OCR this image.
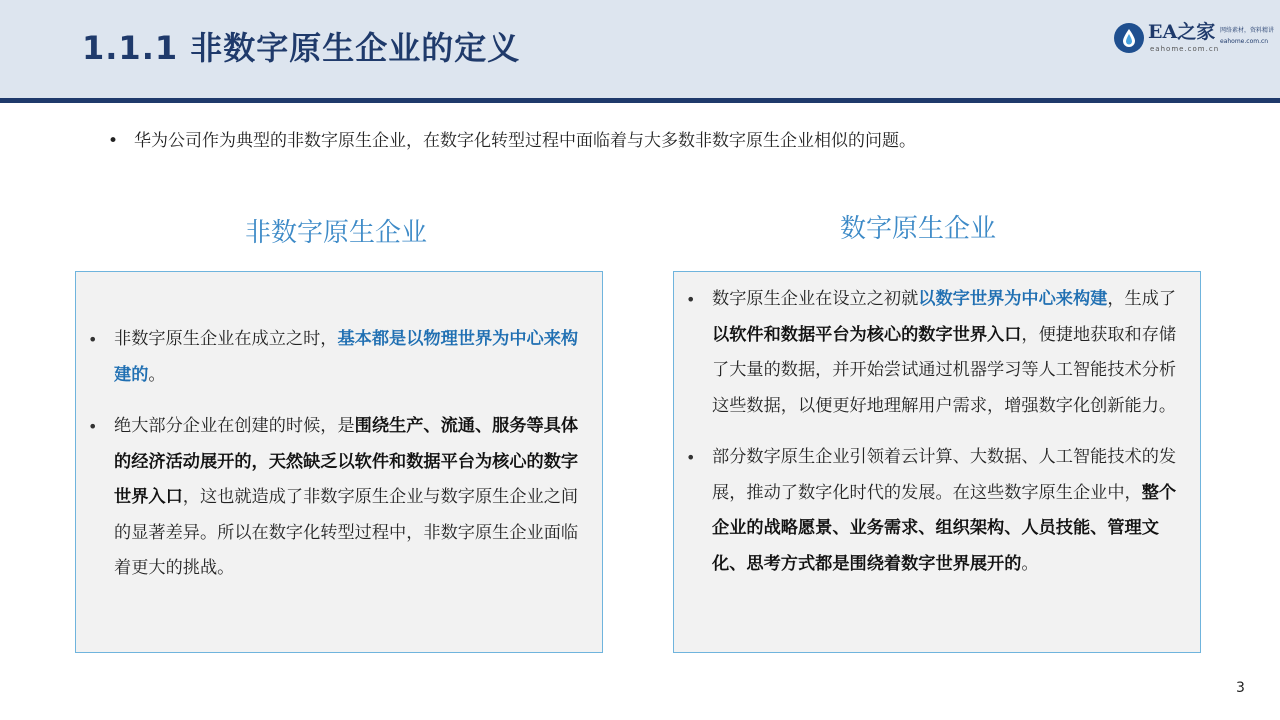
1.1.1 非数字原生企业的定义	EA之家 网络素材，资料精讲
eahome.com.cn
eahome.com.cn
• 华为公司作为典型的非数字原生企业，在数字化转型过程中面临着与大多数非数字原生企业相似的问题。
非数字原生企业	数字原生企业
• 非数字原生企业在成立之时，基本都是以物理世界为中心来构建的。
• 绝大部分企业在创建的时候，是围绕生产、流通、服务等具体的经济活动展开的，天然缺乏以软件和数据平台为核心的数字世界入口，这也就造成了非数字原生企业与数字原生企业之间的显著差异。所以在数字化转型过程中，非数字原生企业面临着更大的挑战。
• 数字原生企业在设立之初就以数字世界为中心来构建，生成了以软件和数据平台为核心的数字世界入口，便捷地获取和存储了大量的数据，并开始尝试通过机器学习等人工智能技术分析这些数据，以便更好地理解用户需求，增强数字化创新能力。
• 部分数字原生企业引领着云计算、大数据、人工智能技术的发展，推动了数字化时代的发展。在这些数字原生企业中，整个企业的战略愿景、业务需求、组织架构、人员技能、管理文化、思考方式都是围绕着数字世界展开的。
3
